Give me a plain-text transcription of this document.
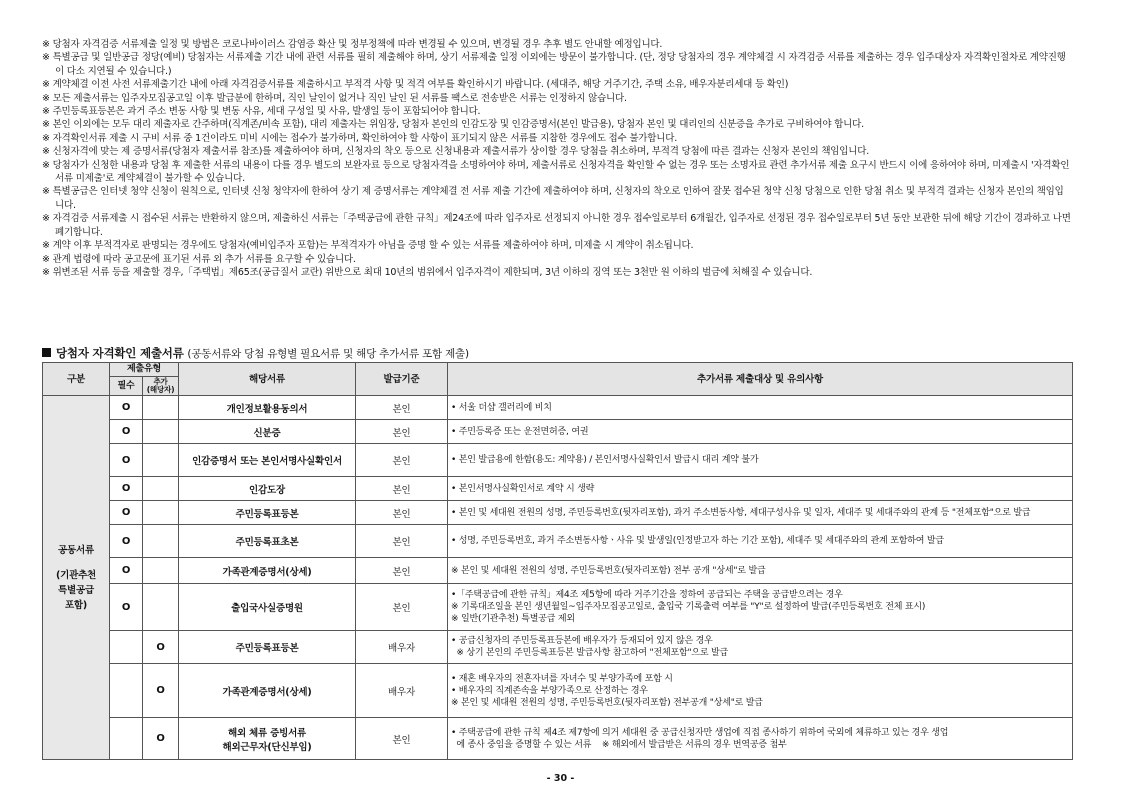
※ 당첨자 자격검증 서류제출 일정 및 방법은 코로나바이러스 감염증 확산 및 정부정책에 따라 변경될 수 있으며, 변경될 경우 추후 별도 안내할 예정입니다.
※ 특별공급 및 일반공급 정당(예비) 당첨자는 서류제출 기간 내에 관련 서류를 필히 제출해야 하며, 상기 서류제출 일정 이외에는 방문이 불가합니다. (단, 정당 당첨자의 경우 계약체결 시 자격검증 서류를 제출하는 경우 입주대상자 자격확인절차로 계약진행이 다소 지연될 수 있습니다.)
※ 계약체결 이전 사전 서류제출기간 내에 아래 자격검증서류를 제출하시고 부적격 사항 및 적격 여부를 확인하시기 바랍니다. (세대주, 해당 거주기간, 주택 소유, 배우자분리세대 등 확인)
※ 모든 제출서류는 입주자모집공고일 이후 발급분에 한하며, 직인 날인이 없거나 직인 날인 된 서류를 팩스로 전송받은 서류는 인정하지 않습니다.
※ 주민등록표등본은 과거 주소 변동 사항 및 변동 사유, 세대 구성일 및 사유, 발생일 등이 포함되어야 합니다.
※ 본인 이외에는 모두 대리 제출자로 간주하며(직계존/비속 포함), 대리 제출자는 위임장, 당첨자 본인의 인감도장 및 인감증명서(본인 발급용), 당첨자 본인 및 대리인의 신분증을 추가로 구비하여야 합니다.
※ 자격확인서류 제출 시 구비 서류 중 1건이라도 미비 시에는 접수가 불가하며, 확인하여야 할 사항이 표기되지 않은 서류를 지참한 경우에도 접수 불가합니다.
※ 신청자격에 맞는 제 증명서류(당첨자 제출서류 참조)를 제출하여야 하며, 신청자의 착오 등으로 신청내용과 제출서류가 상이할 경우 당첨을 취소하며, 부적격 당첨에 따른 결과는 신청자 본인의 책임입니다.
※ 당첨자가 신청한 내용과 당첨 후 제출한 서류의 내용이 다를 경우 별도의 보완자료 등으로 당첨자격을 소명하여야 하며, 제출서류로 신청자격을 확인할 수 없는 경우 또는 소명자료 관련 추가서류 제출 요구시 반드시 이에 응하여야 하며, 미제출시 '자격확인서류 미제출'로 계약체결이 불가할 수 있습니다.
※ 특별공급은 인터넷 청약 신청이 원칙으로, 인터넷 신청 청약자에 한하여 상기 제 증명서류는 계약체결 전 서류 제출 기간에 제출하여야 하며, 신청자의 착오로 인하여 잘못 접수된 청약 신청 당첨으로 인한 당첨 취소 및 부적격 결과는 신청자 본인의 책임입니다.
※ 자격검증 서류제출 시 접수된 서류는 반환하지 않으며, 제출하신 서류는「주택공급에 관한 규칙」제24조에 따라 입주자로 선정되지 아니한 경우 접수일로부터 6개월간, 입주자로 선정된 경우 접수일로부터 5년 동안 보관한 뒤에 해당 기간이 경과하고 나면 폐기합니다.
※ 계약 이후 부적격자로 판명되는 경우에도 당첨자(예비입주자 포함)는 부적격자가 아님을 증명 할 수 있는 서류를 제출하여야 하며, 미제출 시 계약이 취소됩니다.
※ 관계 법령에 따라 공고문에 표기된 서류 외 추가 서류를 요구할 수 있습니다.
※ 위변조된 서류 등을 제출할 경우,「주택법」제65조(공급질서 교란) 위반으로 최대 10년의 범위에서 입주자격이 제한되며, 3년 이하의 징역 또는 3천만 원 이하의 벌금에 처해질 수 있습니다.
당첨자 자격확인 제출서류 (공동서류와 당첨 유형별 필요서류 및 해당 추가서류 포함 제출)
구분	제출유형		해당서류	발급기준	추가서류 제출대상 및 유의사항
	필수	추가
(해당자)			

공동서류
(기관추천
특별공급
포함)	O		개인정보활용동의서	본인	• 서울 더샵 갤러리에 비치

	O		신분증	본인	• 주민등록증 또는 운전면허증, 여권

	O		인감증명서 또는 본인서명사실확인서	본인	• 본인 발급용에 한함(용도: 계약용) / 본인서명사실확인서 발급시 대리 계약 불가

	O		인감도장	본인	• 본인서명사실확인서로 계약 시 생략

	O		주민등록표등본	본인	• 본인 및 세대원 전원의 성명, 주민등록번호(뒷자리포함), 과거 주소변동사항, 세대구성사유 및 일자, 세대주 및 세대주와의 관계 등 "전체포함"으로 발급

	O		주민등록표초본	본인	• 성명, 주민등록번호, 과거 주소변동사항ㆍ사유 및 발생일(인정받고자 하는 기간 포함), 세대주 및 세대주와의 관계 포함하여 발급

	O		가족관계증명서(상세)	본인	※ 본인 및 세대원 전원의 성명, 주민등록번호(뒷자리포함) 전부 공개 "상세"로 발급

	O		출입국사실증명원	본인	•「주택공급에 관한 규칙」제4조 제5항에 따라 거주기간을 정하여 공급되는 주택을 공급받으려는 경우
※ 기록대조일을 본인 생년월일~입주자모집공고일로, 출입국 기록출력 여부를 "Y"로 설정하여 발급(주민등록번호 전체 표시)
※ 일반(기관추천) 특별공급 제외

		O	주민등록표등본	배우자	• 공급신청자의 주민등록표등본에 배우자가 등재되어 있지 않은 경우
※ 상기 본인의 주민등록표등본 발급사항 참고하여 "전체포함"으로 발급

		O	가족관계증명서(상세)	배우자	• 재혼 배우자의 전혼자녀를 자녀수 및 부양가족에 포함 시
• 배우자의 직계존속을 부양가족으로 산정하는 경우
※ 본인 및 세대원 전원의 성명, 주민등록번호(뒷자리포함) 전부공개 "상세"로 발급

		O	해외 체류 증빙서류
해외근무자(단신부임)	본인	• 주택공급에 관한 규칙 제4조 제7항에 의거 세대원 중 공급신청자만 생업에 직접 종사하기 위하여 국외에 체류하고 있는 경우 생업
에 종사 중임을 증명할 수 있는 서류    ※ 해외에서 발급받은 서류의 경우 번역공증 첨부
- 30 -
